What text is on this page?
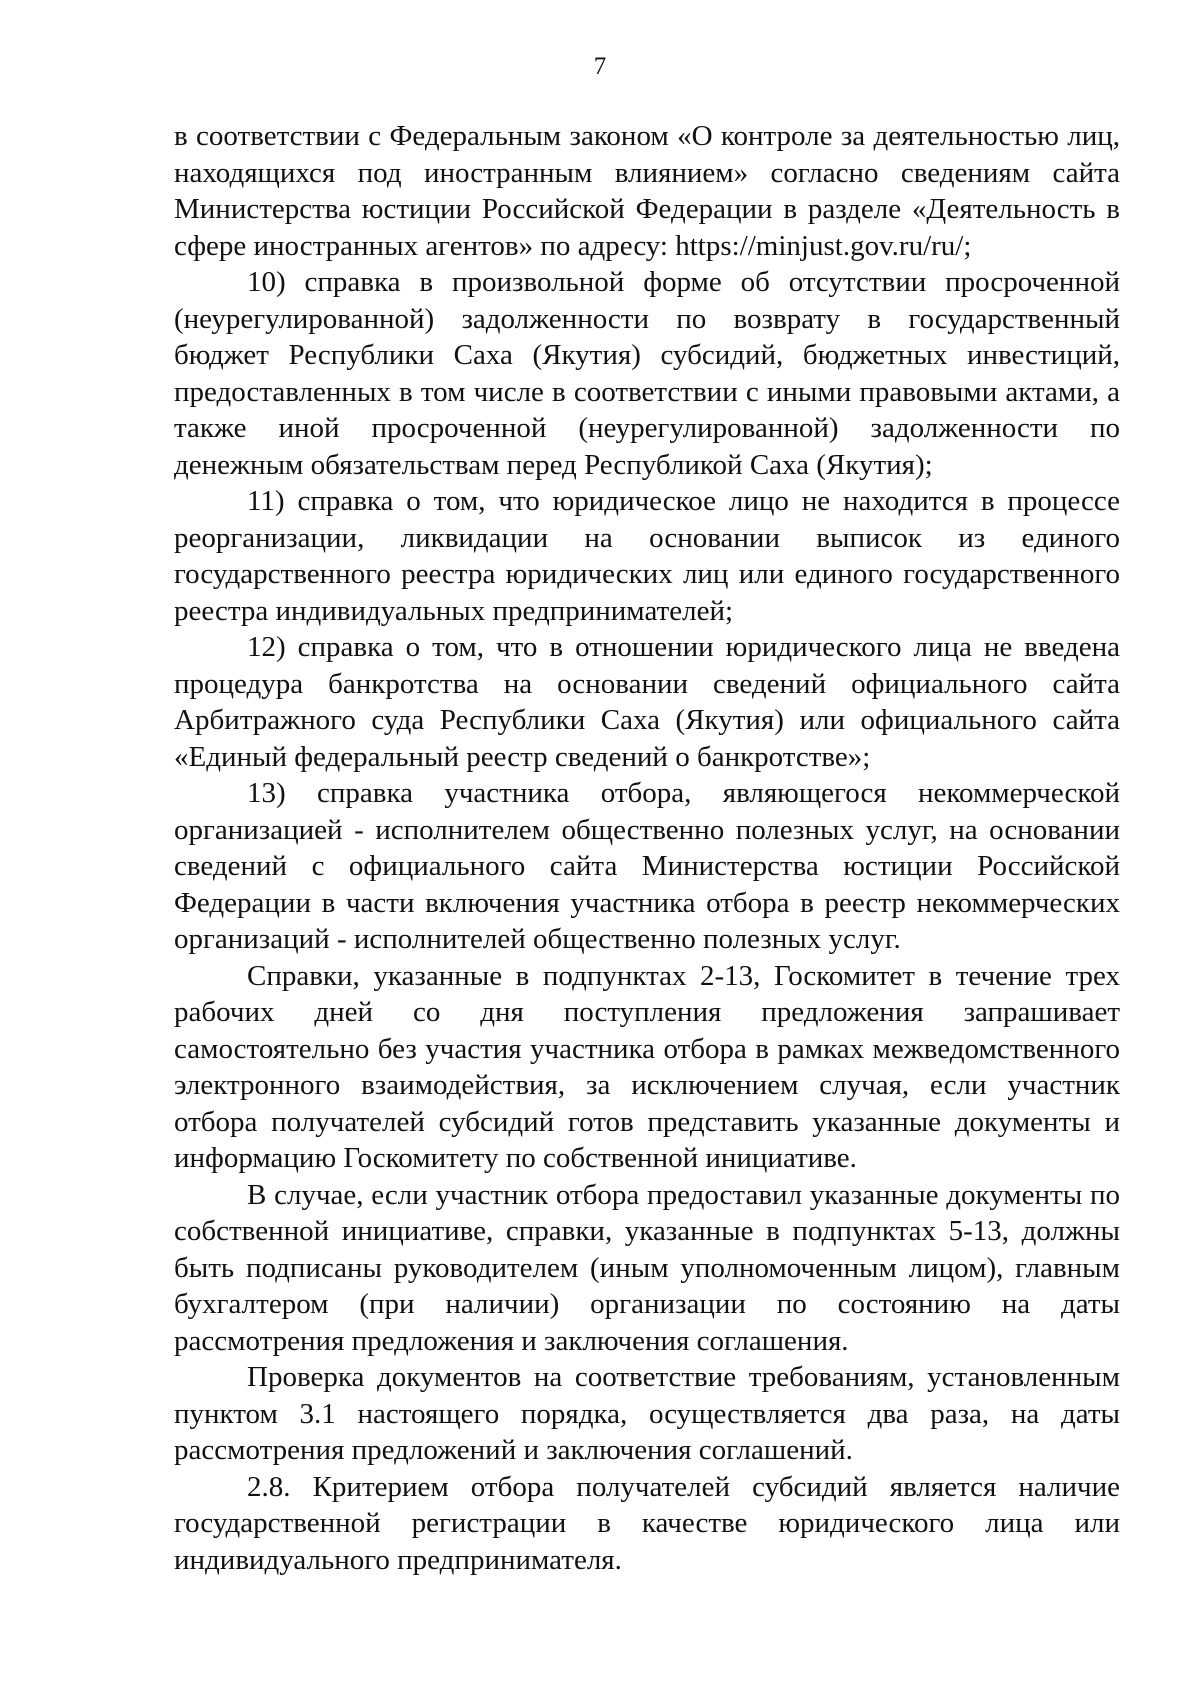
7

в соответствии с Федеральным законом «О контроле за деятельностью лиц, находящихся под иностранным влиянием» согласно сведениям сайта Министерства юстиции Российской Федерации в разделе «Деятельность в сфере иностранных агентов» по адресу: https://minjust.gov.ru/ru/;

10) справка в произвольной форме об отсутствии просроченной (неурегулированной) задолженности по возврату в государственный бюджет Республики Саха (Якутия) субсидий, бюджетных инвестиций, предоставленных в том числе в соответствии с иными правовыми актами, а также иной просроченной (неурегулированной) задолженности по денежным обязательствам перед Республикой Саха (Якутия);

11) справка о том, что юридическое лицо не находится в процессе реорганизации, ликвидации на основании выписок из единого государственного реестра юридических лиц или единого государственного реестра индивидуальных предпринимателей;

12) справка о том, что в отношении юридического лица не введена процедура банкротства на основании сведений официального сайта Арбитражного суда Республики Саха (Якутия) или официального сайта «Единый федеральный реестр сведений о банкротстве»;

13) справка участника отбора, являющегося некоммерческой организацией - исполнителем общественно полезных услуг, на основании сведений с официального сайта Министерства юстиции Российской Федерации в части включения участника отбора в реестр некоммерческих организаций - исполнителей общественно полезных услуг.

Справки, указанные в подпунктах 2-13, Госкомитет в течение трех рабочих дней со дня поступления предложения запрашивает самостоятельно без участия участника отбора в рамках межведомственного электронного взаимодействия, за исключением случая, если участник отбора получателей субсидий готов представить указанные документы и информацию Госкомитету по собственной инициативе.

В случае, если участник отбора предоставил указанные документы по собственной инициативе, справки, указанные в подпунктах 5-13, должны быть подписаны руководителем (иным уполномоченным лицом), главным бухгалтером (при наличии) организации по состоянию на даты рассмотрения предложения и заключения соглашения.

Проверка документов на соответствие требованиям, установленным пунктом 3.1 настоящего порядка, осуществляется два раза, на даты рассмотрения предложений и заключения соглашений.

2.8. Критерием отбора получателей субсидий является наличие государственной регистрации в качестве юридического лица или индивидуального предпринимателя.
